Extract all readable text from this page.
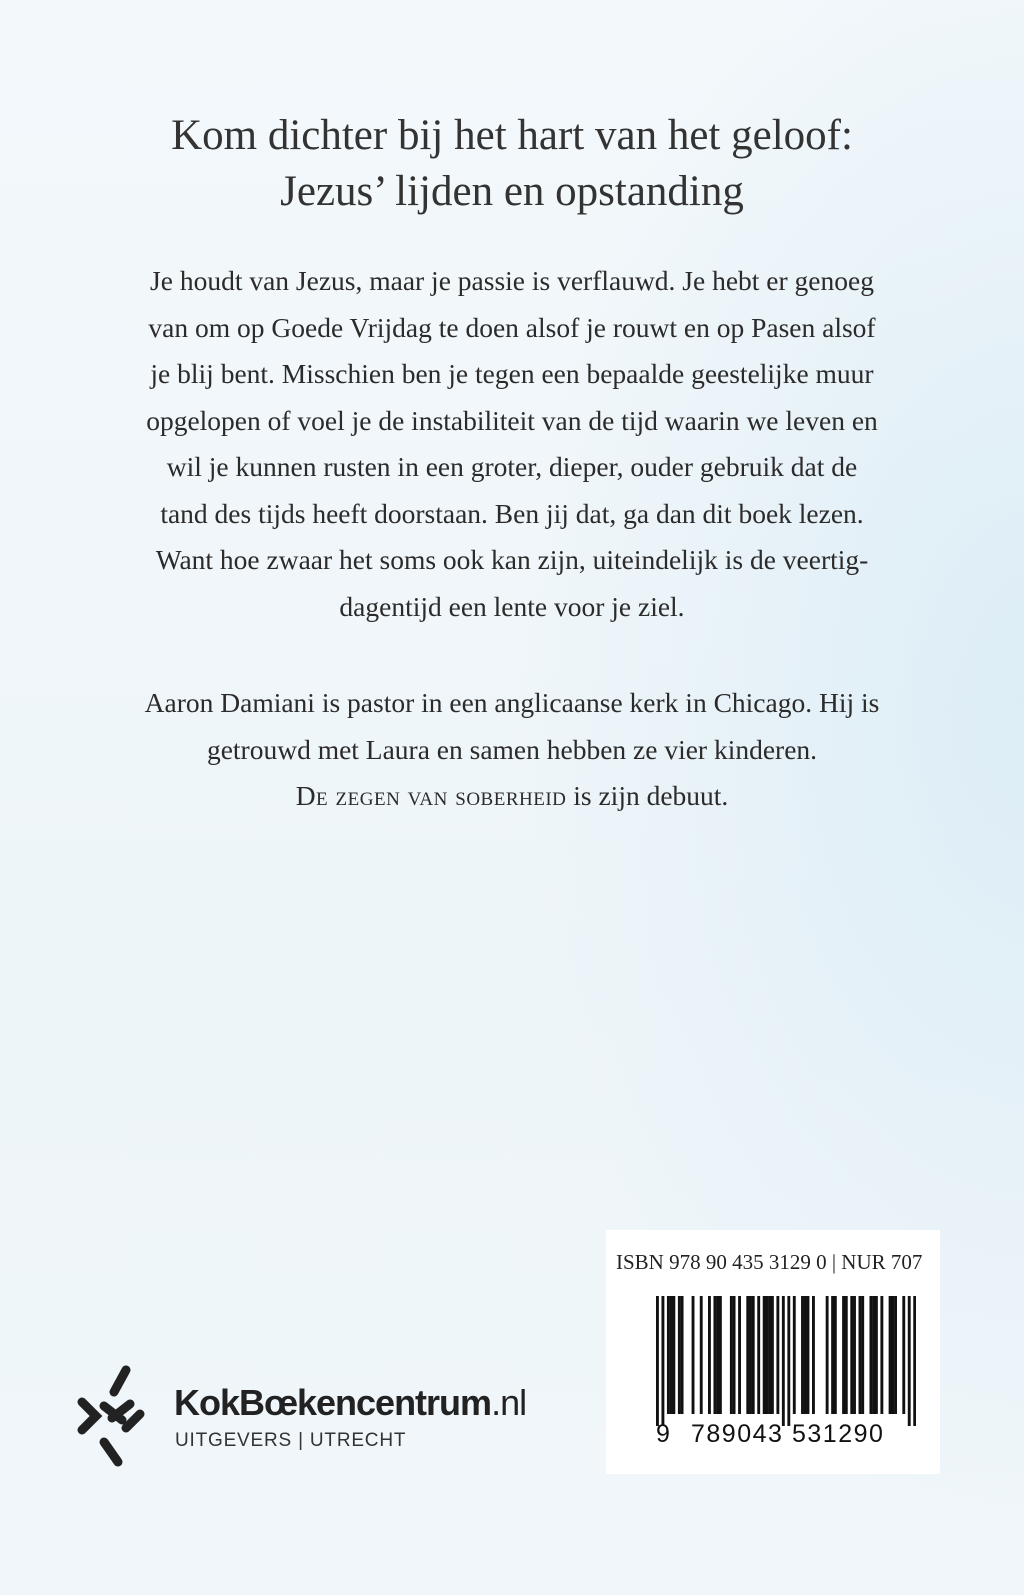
Kom dichter bij het hart van het geloof:
Jezus’ lijden en opstanding
Je houdt van Jezus, maar je passie is verflauwd. Je hebt er genoeg
van om op Goede Vrijdag te doen alsof je rouwt en op Pasen alsof
je blij bent. Misschien ben je tegen een bepaalde geestelijke muur
opgelopen of voel je de instabiliteit van de tijd waarin we leven en
wil je kunnen rusten in een groter, dieper, ouder gebruik dat de
tand des tijds heeft doorstaan. Ben jij dat, ga dan dit boek lezen.
Want hoe zwaar het soms ook kan zijn, uiteindelijk is de veertig-
dagentijd een lente voor je ziel.
Aaron Damiani is pastor in een anglicaanse kerk in Chicago. Hij is
getrouwd met Laura en samen hebben ze vier kinderen.
De zegen van soberheid is zijn debuut.
KokBœkencentrum.nl
UITGEVERS | UTRECHT
ISBN 978 90 435 3129 0 | NUR 707
9 789043 531290
